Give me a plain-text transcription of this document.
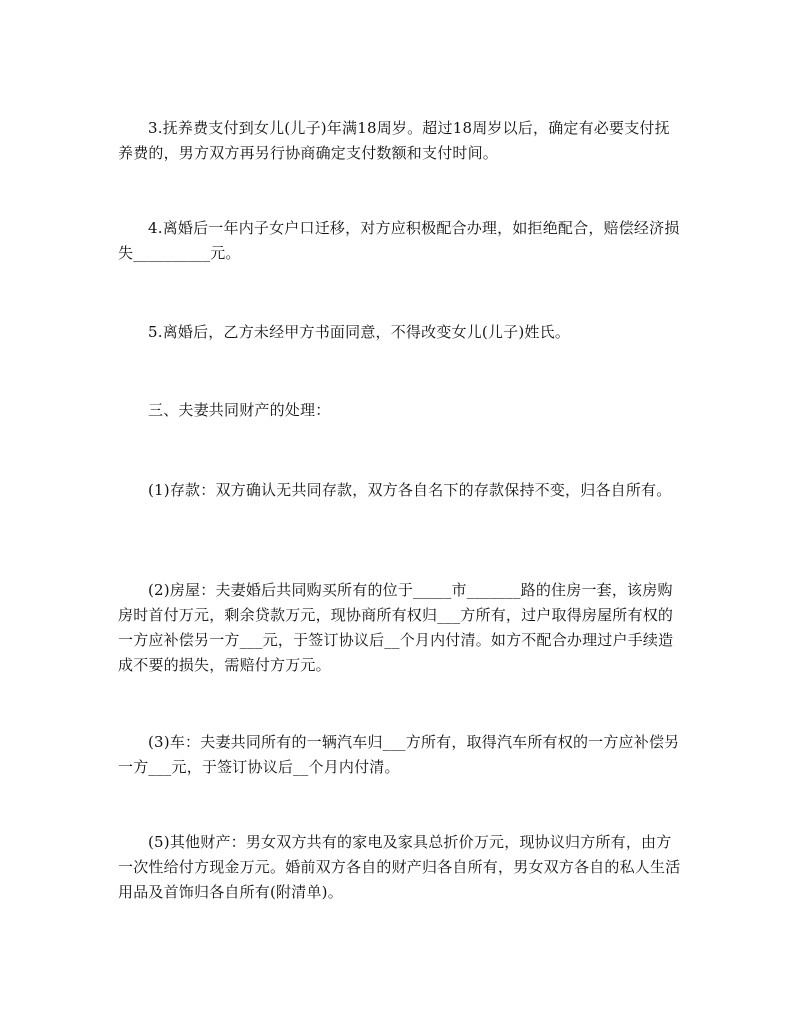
3.抚养费支付到女儿(儿子)年满18周岁。超过18周岁以后，确定有必要支付抚养费的，男方双方再另行协商确定支付数额和支付时间。

4.离婚后一年内子女户口迁移，对方应积极配合办理，如拒绝配合，赔偿经济损失__________元。

5.离婚后，乙方未经甲方书面同意，不得改变女儿(儿子)姓氏。

三、夫妻共同财产的处理：

(1)存款：双方确认无共同存款，双方各自名下的存款保持不变，归各自所有。

(2)房屋：夫妻婚后共同购买所有的位于_____市_______路的住房一套，该房购房时首付万元，剩余贷款万元，现协商所有权归___方所有，过户取得房屋所有权的一方应补偿另一方___元，于签订协议后__个月内付清。如方不配合办理过户手续造成不要的损失，需赔付方万元。

(3)车：夫妻共同所有的一辆汽车归___方所有，取得汽车所有权的一方应补偿另一方___元，于签订协议后__个月内付清。

(5)其他财产：男女双方共有的家电及家具总折价万元，现协议归方所有，由方一次性给付方现金万元。婚前双方各自的财产归各自所有，男女双方各自的私人生活用品及首饰归各自所有(附清单)。
